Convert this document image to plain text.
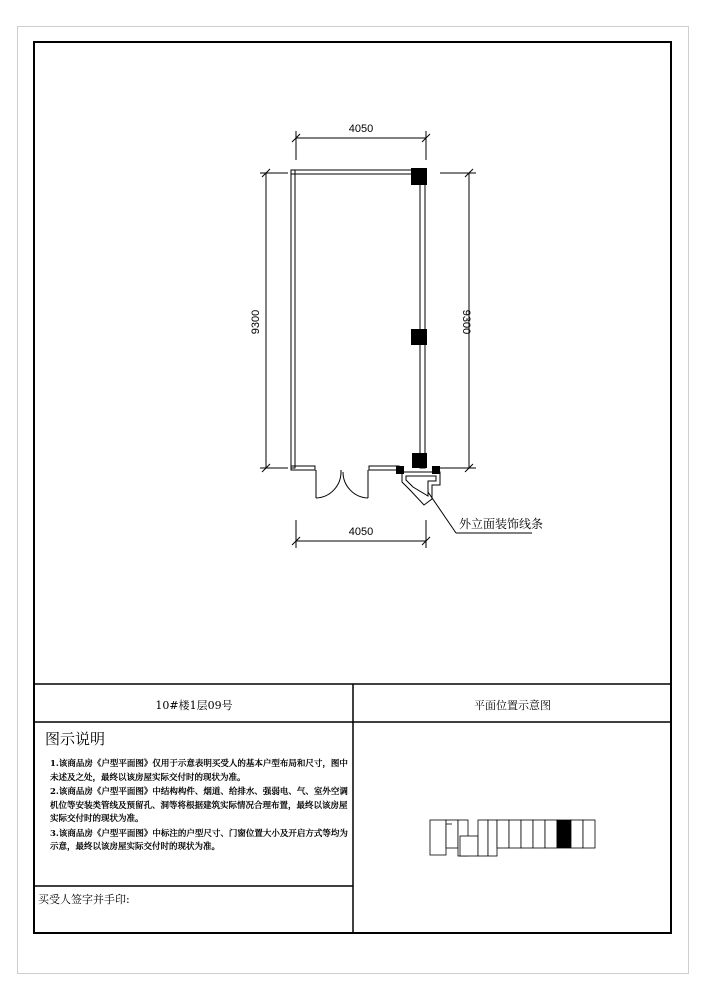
4050
4050
9300	9300
外立面装饰线条
10#楼1层09号	平面位置示意图
图示说明

1.该商品房《户型平面图》仅用于示意表明买受人的基本户型布局和尺寸，图中未述及之处，最终以该房屋实际交付时的现状为准。

2.该商品房《户型平面图》中结构构件、烟道、给排水、强弱电、气、室外空调机位等安装类管线及预留孔、洞等将根据建筑实际情况合理布置，最终以该房屋实际交付时的现状为准。

3.该商品房《户型平面图》中标注的户型尺寸、门窗位置大小及开启方式等均为示意，最终以该房屋实际交付时的现状为准。

买受人签字并手印:
